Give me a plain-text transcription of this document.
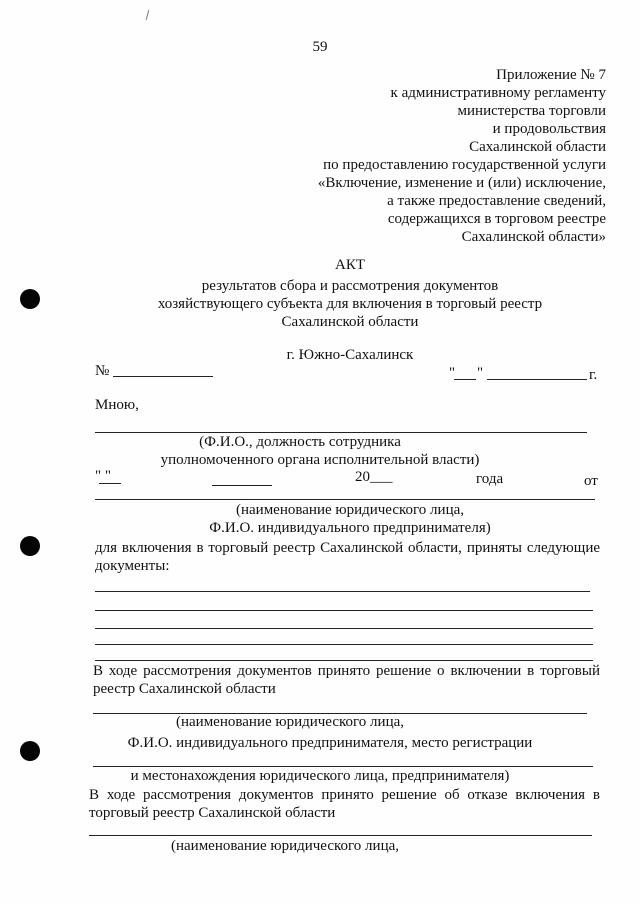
59
Приложение № 7
к административному регламенту
министерства торговли
и продовольствия
Сахалинской области
по предоставлению государственной услуги
«Включение, изменение и (или) исключение,
а также предоставление сведений,
содержащихся в торговом реестре
Сахалинской области»
АКТ
результатов сбора и рассмотрения документов
хозяйствующего субъекта для включения в торговый реестр
Сахалинской области
г. Южно-Сахалинск
№	" "	г.
Мною,
(Ф.И.О., должность сотрудника
уполномоченного органа исполнительной власти)
" "	20___	года	от
(наименование юридического лица,
Ф.И.О. индивидуального предпринимателя)
для включения в торговый реестр Сахалинской области, приняты следующие
документы:
В ходе рассмотрения документов принято решение о включении в торговый
реестр Сахалинской области
(наименование юридического лица,
Ф.И.О. индивидуального предпринимателя, место регистрации
и местонахождения юридического лица, предпринимателя)
В ходе рассмотрения документов принято решение об отказе включения в
торговый реестр Сахалинской области
(наименование юридического лица,
